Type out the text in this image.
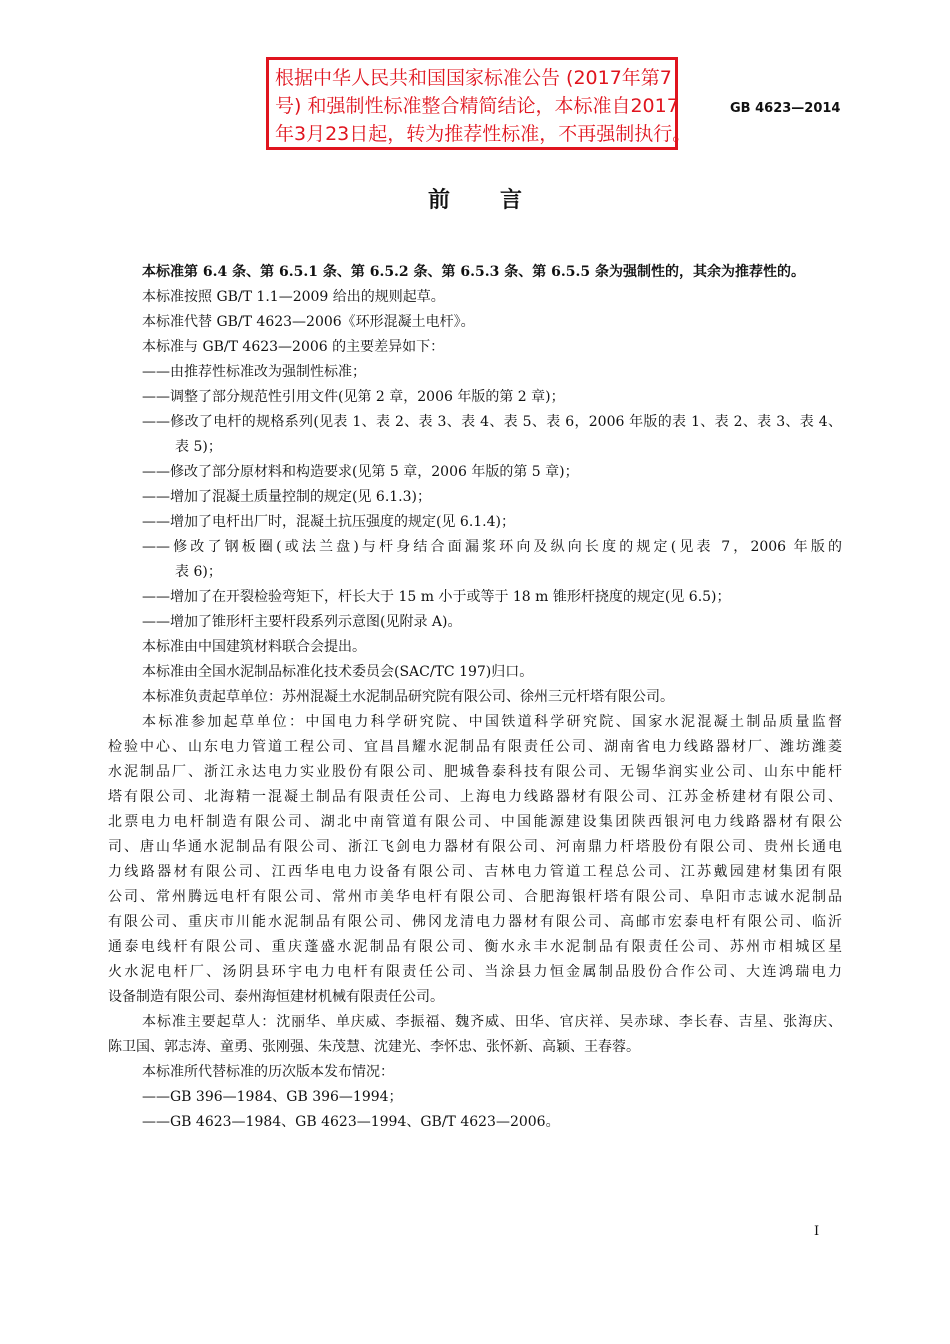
根据中华人民共和国国家标准公告 (2017年第7
号) 和强制性标准整合精简结论，本标准自2017
年3月23日起，转为推荐性标准，不再强制执行。
GB 4623—2014
前言
本标准第 6.4 条、第 6.5.1 条、第 6.5.2 条、第 6.5.3 条、第 6.5.5 条为强制性的，其余为推荐性的。
本标准按照 GB/T 1.1—2009 给出的规则起草。
本标准代替 GB/T 4623—2006《环形混凝土电杆》。
本标准与 GB/T 4623—2006 的主要差异如下：
——由推荐性标准改为强制性标准；
——调整了部分规范性引用文件(见第 2 章，2006 年版的第 2 章)；
——修改了电杆的规格系列(见表 1、表 2、表 3、表 4、表 5、表 6，2006 年版的表 1、表 2、表 3、表 4、
表 5)；
——修改了部分原材料和构造要求(见第 5 章，2006 年版的第 5 章)；
——增加了混凝土质量控制的规定(见 6.1.3)；
——增加了电杆出厂时，混凝土抗压强度的规定(见 6.1.4)；
——修改了钢板圈(或法兰盘)与杆身结合面漏浆环向及纵向长度的规定(见表 7，2006 年版的
表 6)；
——增加了在开裂检验弯矩下，杆长大于 15 m 小于或等于 18 m 锥形杆挠度的规定(见 6.5)；
——增加了锥形杆主要杆段系列示意图(见附录 A)。
本标准由中国建筑材料联合会提出。
本标准由全国水泥制品标准化技术委员会(SAC/TC 197)归口。
本标准负责起草单位：苏州混凝土水泥制品研究院有限公司、徐州三元杆塔有限公司。
本标准参加起草单位：中国电力科学研究院、中国铁道科学研究院、国家水泥混凝土制品质量监督
检验中心、山东电力管道工程公司、宜昌昌耀水泥制品有限责任公司、湖南省电力线路器材厂、潍坊潍菱
水泥制品厂、浙江永达电力实业股份有限公司、肥城鲁泰科技有限公司、无锡华润实业公司、山东中能杆
塔有限公司、北海精一混凝土制品有限责任公司、上海电力线路器材有限公司、江苏金桥建材有限公司、
北票电力电杆制造有限公司、湖北中南管道有限公司、中国能源建设集团陕西银河电力线路器材有限公
司、唐山华通水泥制品有限公司、浙江飞剑电力器材有限公司、河南鼎力杆塔股份有限公司、贵州长通电
力线路器材有限公司、江西华电电力设备有限公司、吉林电力管道工程总公司、江苏戴园建材集团有限
公司、常州腾远电杆有限公司、常州市美华电杆有限公司、合肥海银杆塔有限公司、阜阳市志诚水泥制品
有限公司、重庆市川能水泥制品有限公司、佛冈龙清电力器材有限公司、高邮市宏泰电杆有限公司、临沂
通泰电线杆有限公司、重庆蓬盛水泥制品有限公司、衡水永丰水泥制品有限责任公司、苏州市相城区星
火水泥电杆厂、汤阴县环宇电力电杆有限责任公司、当涂县力恒金属制品股份合作公司、大连鸿瑞电力
设备制造有限公司、泰州海恒建材机械有限责任公司。
本标准主要起草人：沈丽华、单庆威、李振福、魏齐威、田华、官庆祥、吴赤球、李长春、吉星、张海庆、
陈卫国、郭志涛、童勇、张刚强、朱茂慧、沈建光、李怀忠、张怀新、高颖、王春蓉。
本标准所代替标准的历次版本发布情况：
——GB 396—1984、GB 396—1994；
——GB 4623—1984、GB 4623—1994、GB/T 4623—2006。
I
